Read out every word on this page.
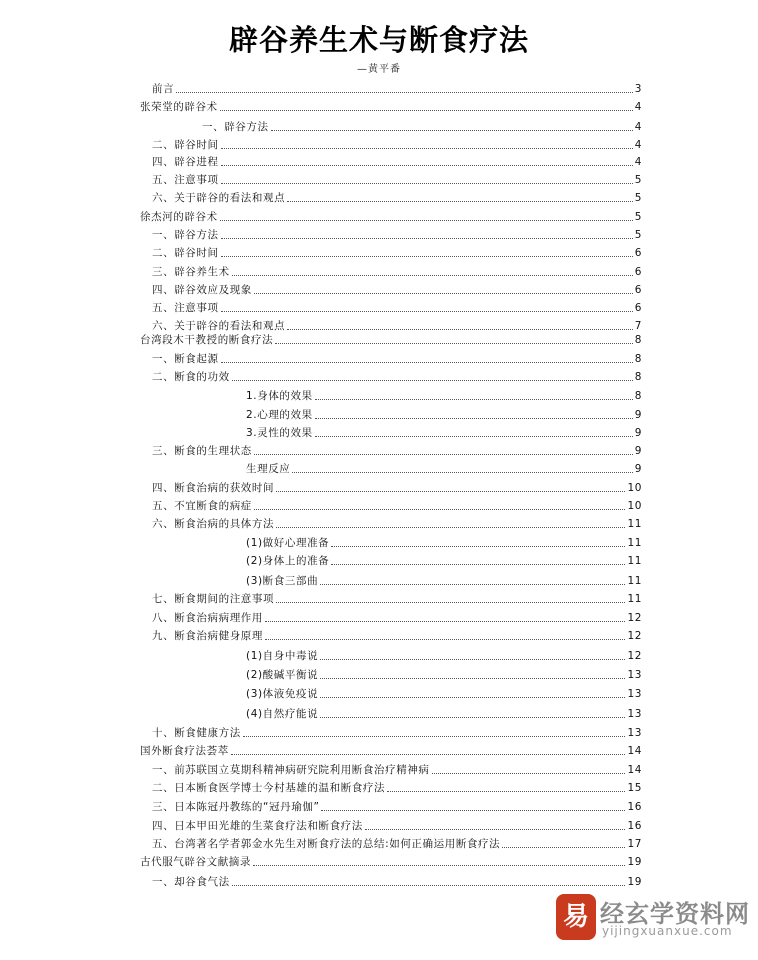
辟谷养生术与断食疗法
—黄平番
前言	3
张荣堂的辟谷术	4
一、辟谷方法	4
二、辟谷时间	4
四、辟谷进程	4
五、注意事项	5
六、关于辟谷的看法和观点	5
徐杰河的辟谷术	5
一、辟谷方法	5
二、辟谷时间	6
三、辟谷养生术	6
四、辟谷效应及现象	6
五、注意事项	6
六、关于辟谷的看法和观点	7
台湾段木干教授的断食疗法	8
一、断食起源	8
二、断食的功效	8
1.身体的效果	8
2.心理的效果	9
3.灵性的效果	9
三、断食的生理状态	9
生理反应	9
四、断食治病的获效时间	10
五、不宜断食的病症	10
六、断食治病的具体方法	11
(1)做好心理准备	11
(2)身体上的准备	11
(3)断食三部曲	11
七、断食期间的注意事项	11
八、断食治病病理作用	12
九、断食治病健身原理	12
(1)自身中毒说	12
(2)酸碱平衡说	13
(3)体液免疫说	13
(4)自然疗能说	13
十、断食健康方法	13
国外断食疗法荟萃	14
一、前苏联国立莫期科精神病研究院利用断食治疗精神病	14
二、日本断食医学博士今村基雄的温和断食疗法	15
三、日本陈冠丹教练的“冠丹瑜伽”	16
四、日本甲田光雄的生菜食疗法和断食疗法	16
五、台湾著名学者郭金水先生对断食疗法的总结:如何正确运用断食疗法	17
古代服气辟谷文献摘录	19
一、却谷食气法	19
易 经玄学资料网
yijingxuanxue.com
